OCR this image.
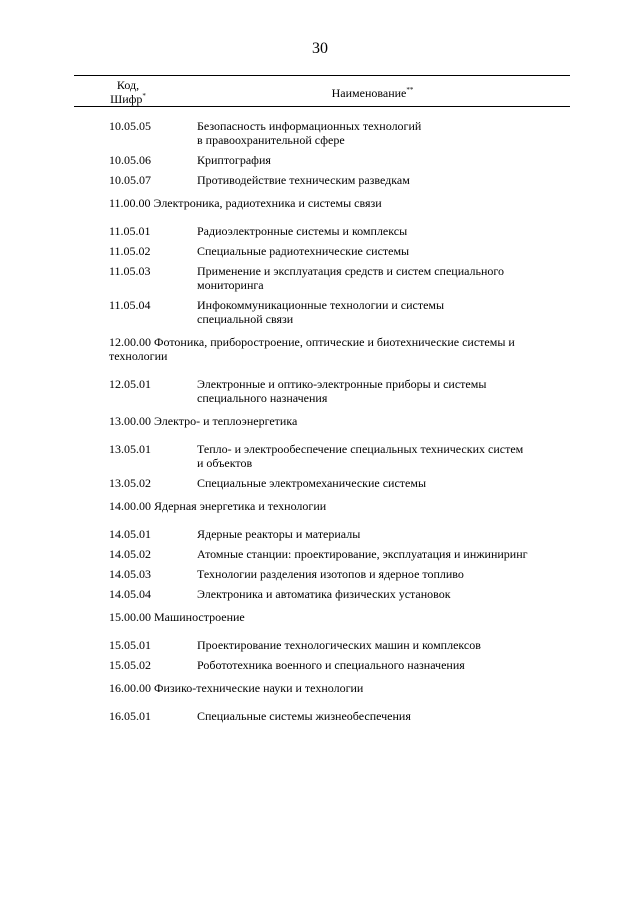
30
Код,
Шифр*	Наименование**
10.05.05	Безопасность информационных технологий
в правоохранительной сфере
10.05.06	Криптография
10.05.07	Противодействие техническим разведкам
11.00.00 Электроника, радиотехника и системы связи
11.05.01	Радиоэлектронные системы и комплексы
11.05.02	Специальные радиотехнические системы
11.05.03	Применение и эксплуатация средств и систем специального
мониторинга
11.05.04	Инфокоммуникационные технологии и системы
специальной связи
12.00.00 Фотоника, приборостроение, оптические и биотехнические системы и технологии
12.05.01	Электронные и оптико-электронные приборы и системы
специального назначения
13.00.00 Электро- и теплоэнергетика
13.05.01	Тепло- и электрообеспечение специальных технических систем
и объектов
13.05.02	Специальные электромеханические системы
14.00.00 Ядерная энергетика и технологии
14.05.01	Ядерные реакторы и материалы
14.05.02	Атомные станции: проектирование, эксплуатация и инжиниринг
14.05.03	Технологии разделения изотопов и ядерное топливо
14.05.04	Электроника и автоматика физических установок
15.00.00 Машиностроение
15.05.01	Проектирование технологических машин и комплексов
15.05.02	Робототехника военного и специального назначения
16.00.00 Физико-технические науки и технологии
16.05.01	Специальные системы жизнеобеспечения
